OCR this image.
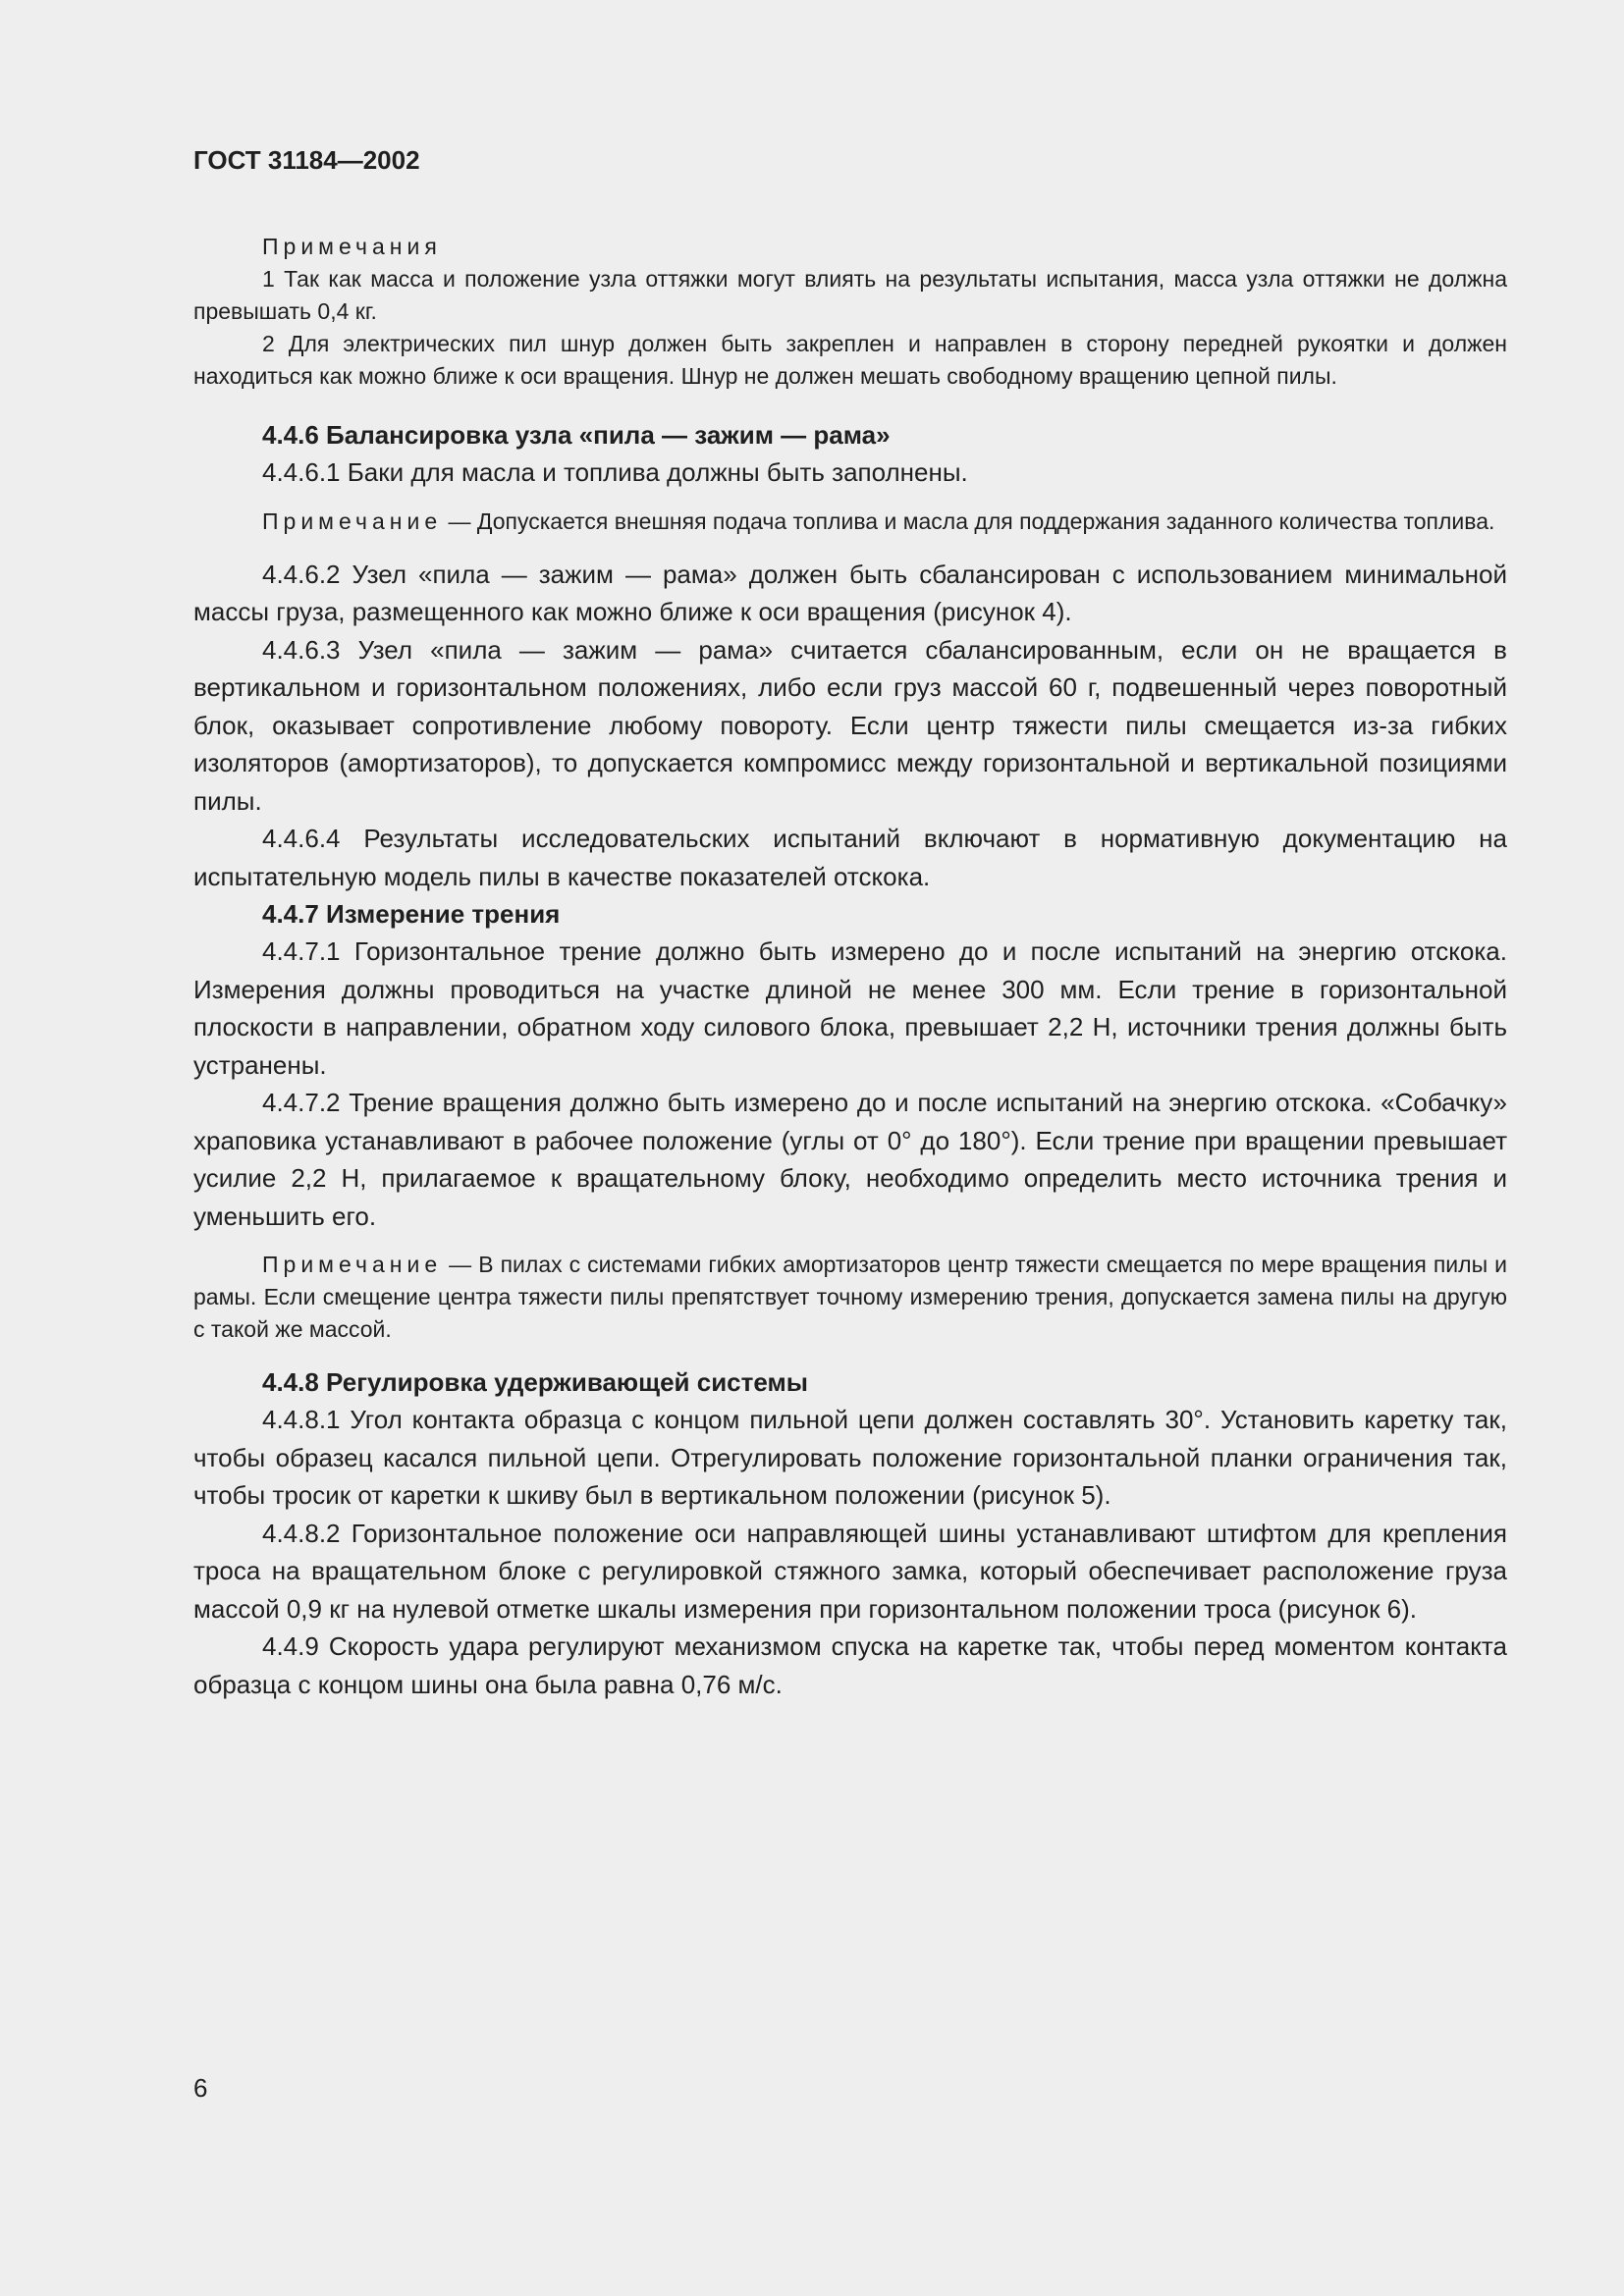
ГОСТ 31184—2002

Примечания

1 Так как масса и положение узла оттяжки могут влиять на результаты испытания, масса узла оттяжки не должна превышать 0,4 кг.

2 Для электрических пил шнур должен быть закреплен и направлен в сторону передней рукоятки и должен находиться как можно ближе к оси вращения. Шнур не должен мешать свободному вращению цепной пилы.

4.4.6 Балансировка узла «пила — зажим — рама»

4.4.6.1 Баки для масла и топлива должны быть заполнены.

Примечание — Допускается внешняя подача топлива и масла для поддержания заданного количества топлива.

4.4.6.2 Узел «пила — зажим — рама» должен быть сбалансирован с использованием минимальной массы груза, размещенного как можно ближе к оси вращения (рисунок 4).

4.4.6.3 Узел «пила — зажим — рама» считается сбалансированным, если он не вращается в вертикальном и горизонтальном положениях, либо если груз массой 60 г, подвешенный через поворотный блок, оказывает сопротивление любому повороту. Если центр тяжести пилы смещается из-за гибких изоляторов (амортизаторов), то допускается компромисс между горизонтальной и вертикальной позициями пилы.

4.4.6.4 Результаты исследовательских испытаний включают в нормативную документацию на испытательную модель пилы в качестве показателей отскока.

4.4.7 Измерение трения

4.4.7.1 Горизонтальное трение должно быть измерено до и после испытаний на энергию отскока. Измерения должны проводиться на участке длиной не менее 300 мм. Если трение в горизонтальной плоскости в направлении, обратном ходу силового блока, превышает 2,2 Н, источники трения должны быть устранены.

4.4.7.2 Трение вращения должно быть измерено до и после испытаний на энергию отскока. «Собачку» храповика устанавливают в рабочее положение (углы от 0° до 180°). Если трение при вращении превышает усилие 2,2 Н, прилагаемое к вращательному блоку, необходимо определить место источника трения и уменьшить его.

Примечание — В пилах с системами гибких амортизаторов центр тяжести смещается по мере вращения пилы и рамы. Если смещение центра тяжести пилы препятствует точному измерению трения, допускается замена пилы на другую с такой же массой.

4.4.8 Регулировка удерживающей системы

4.4.8.1 Угол контакта образца с концом пильной цепи должен составлять 30°. Установить каретку так, чтобы образец касался пильной цепи. Отрегулировать положение горизонтальной планки ограничения так, чтобы тросик от каретки к шкиву был в вертикальном положении (рисунок 5).

4.4.8.2 Горизонтальное положение оси направляющей шины устанавливают штифтом для крепления троса на вращательном блоке с регулировкой стяжного замка, который обеспечивает расположение груза массой 0,9 кг на нулевой отметке шкалы измерения при горизонтальном положении троса (рисунок 6).

4.4.9 Скорость удара регулируют механизмом спуска на каретке так, чтобы перед моментом контакта образца с концом шины она была равна 0,76 м/с.

6
